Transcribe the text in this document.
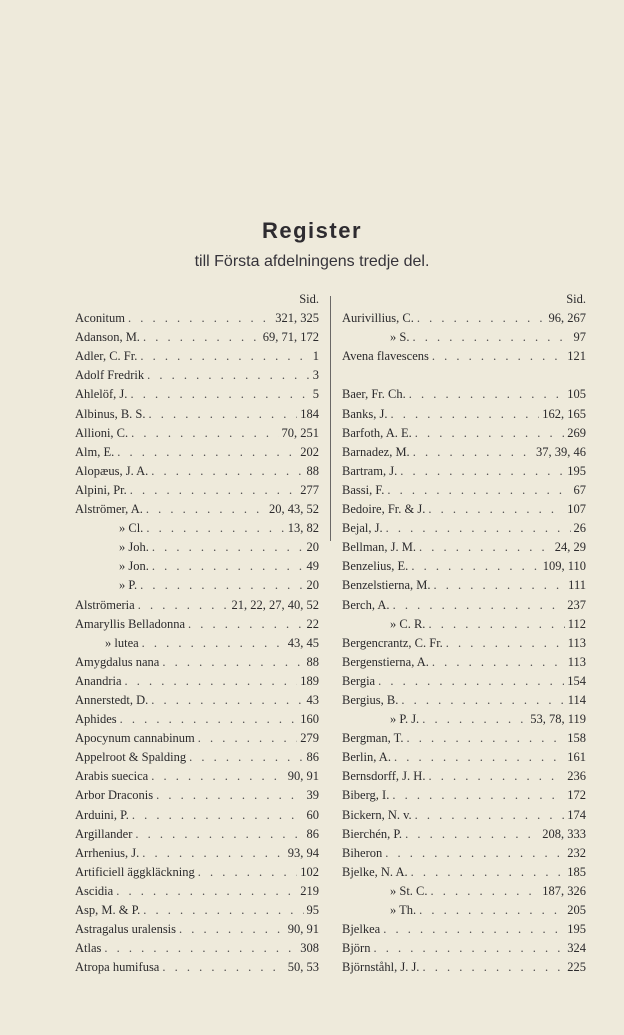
Register
till Första afdelningens tredje del.
Sid.
Aconitum . . .	321, 325
Adanson, M. . . .	69, 71, 172
Adler, C. Fr. . . .	1
Adolf Fredrik . . .	3
Ahlelöf, J. . . .	5
Albinus, B. S. . . .	184
Allioni, C. . . .	70, 251
Alm, E. . . .	202
Alopæus, J. A. . . .	88
Alpini, Pr. . . .	277
Alströmer, A. . . .	20, 43, 52
» Cl. . . .	13, 82
» Joh. . . .	20
» Jon. . . .	49
» P. . . .	20
Alströmeria . . .	21, 22, 27, 40, 52
Amaryllis Belladonna . . .	22
» lutea . . .	43, 45
Amygdalus nana . . .	88
Anandria . . .	189
Annerstedt, D. . . .	43
Aphides . . .	160
Apocynum cannabinum . . .	279
Appelroot & Spalding . . .	86
Arabis suecica . . .	90, 91
Arbor Draconis . . .	39
Arduini, P. . . .	60
Argillander . . .	86
Arrhenius, J. . . .	93, 94
Artificiell äggkläckning . . .	102
Ascidia . . .	219
Asp, M. & P. . . .	95
Astragalus uralensis . . .	90, 91
Atlas . . .	308
Atropa humifusa . . .	50, 53
Sid.
Aurivillius, C. . . .	96, 267
» S. . . .	97
Avena flavescens . . .	121
Baer, Fr. Ch. . . .	105
Banks, J. . . .	162, 165
Barfoth, A. E. . . .	269
Barnadez, M. . . .	37, 39, 46
Bartram, J. . . .	195
Bassi, F. . . .	67
Bedoire, Fr. & J. . . .	107
Bejal, J. . . .	26
Bellman, J. M. . . .	24, 29
Benzelius, E. . . .	109, 110
Benzelstierna, M. . . .	111
Berch, A. . . .	237
» C. R. . . .	112
Bergencrantz, C. Fr. . . .	113
Bergenstierna, A. . . .	113
Bergia . . .	154
Bergius, B. . . .	114
» P. J. . . .	53, 78, 119
Bergman, T. . . .	158
Berlin, A. . . .	161
Bernsdorff, J. H. . . .	236
Biberg, I. . . .	172
Bickern, N. v. . . .	174
Bierchén, P. . . .	208, 333
Biheron . . .	232
Bjelke, N. A. . . .	185
» St. C. . . .	187, 326
» Th. . . .	205
Bjelkea . . .	195
Björn . . .	324
Björnståhl, J. J. . . .	225
